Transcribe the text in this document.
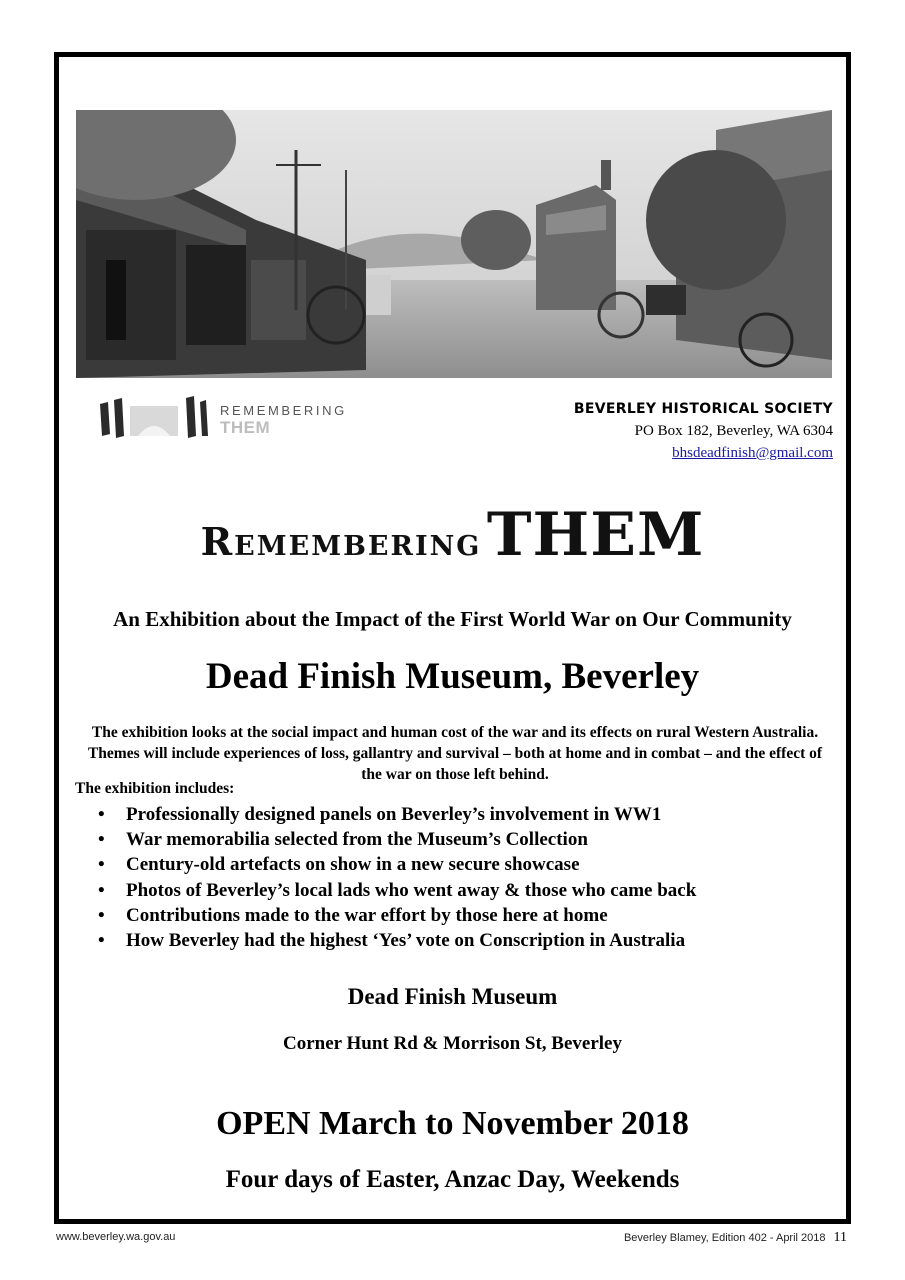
REMEMBERING
THEM
BEVERLEY HISTORICAL SOCIETY
PO Box 182, Beverley, WA 6304
bhsdeadfinish@gmail.com
Remembering THEM
An Exhibition about the Impact of the First World War on Our Community
Dead Finish Museum, Beverley
The exhibition looks at the social impact and human cost of the war and its effects on rural Western Australia. Themes will include experiences of loss, gallantry and survival – both at home and in combat – and the effect of the war on those left behind.
The exhibition includes:
• Professionally designed panels on Beverley’s involvement in WW1
• War memorabilia selected from the Museum’s Collection
• Century-old artefacts on show in a new secure showcase
• Photos of Beverley’s local lads who went away & those who came back
• Contributions made to the war effort by those here at home
• How Beverley had the highest ‘Yes’ vote on Conscription in Australia
Dead Finish Museum
Corner Hunt Rd & Morrison St, Beverley
OPEN March to November 2018
Four days of Easter, Anzac Day, Weekends
www.beverley.wa.gov.au	Beverley Blamey, Edition 402 - April 2018 11
